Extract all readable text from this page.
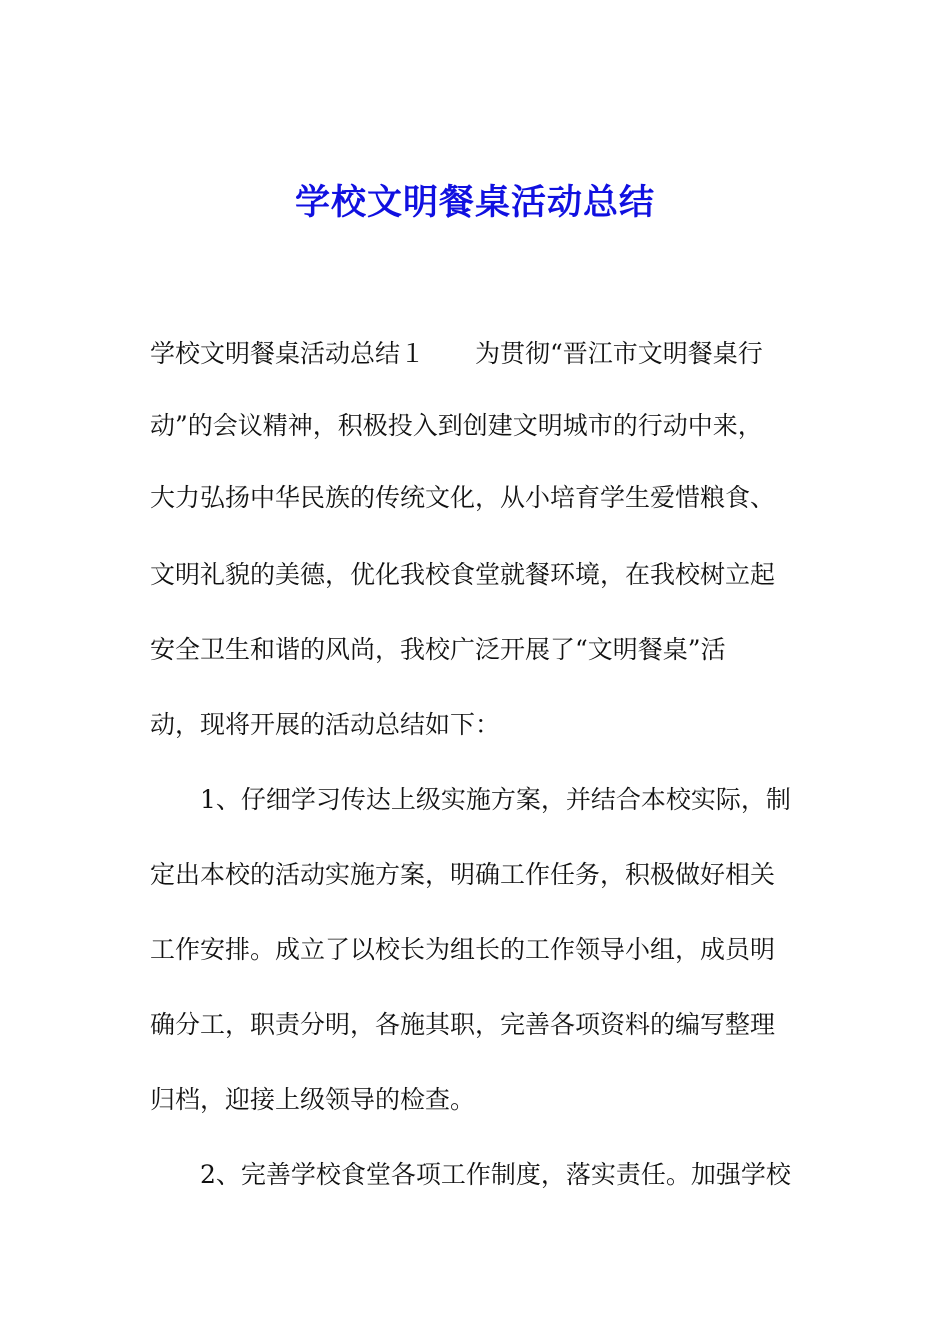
学校文明餐桌活动总结
学校文明餐桌活动总结１　　为贯彻“晋江市文明餐桌行
动”的会议精神，积极投入到创建文明城市的行动中来，
大力弘扬中华民族的传统文化，从小培育学生爱惜粮食、
文明礼貌的美德，优化我校食堂就餐环境，在我校树立起
安全卫生和谐的风尚，我校广泛开展了“文明餐桌”活
动，现将开展的活动总结如下：
　　1、仔细学习传达上级实施方案，并结合本校实际，制
定出本校的活动实施方案，明确工作任务，积极做好相关
工作安排。成立了以校长为组长的工作领导小组，成员明
确分工，职责分明，各施其职，完善各项资料的编写整理
归档，迎接上级领导的检查。
　　2、完善学校食堂各项工作制度，落实责任。加强学校
